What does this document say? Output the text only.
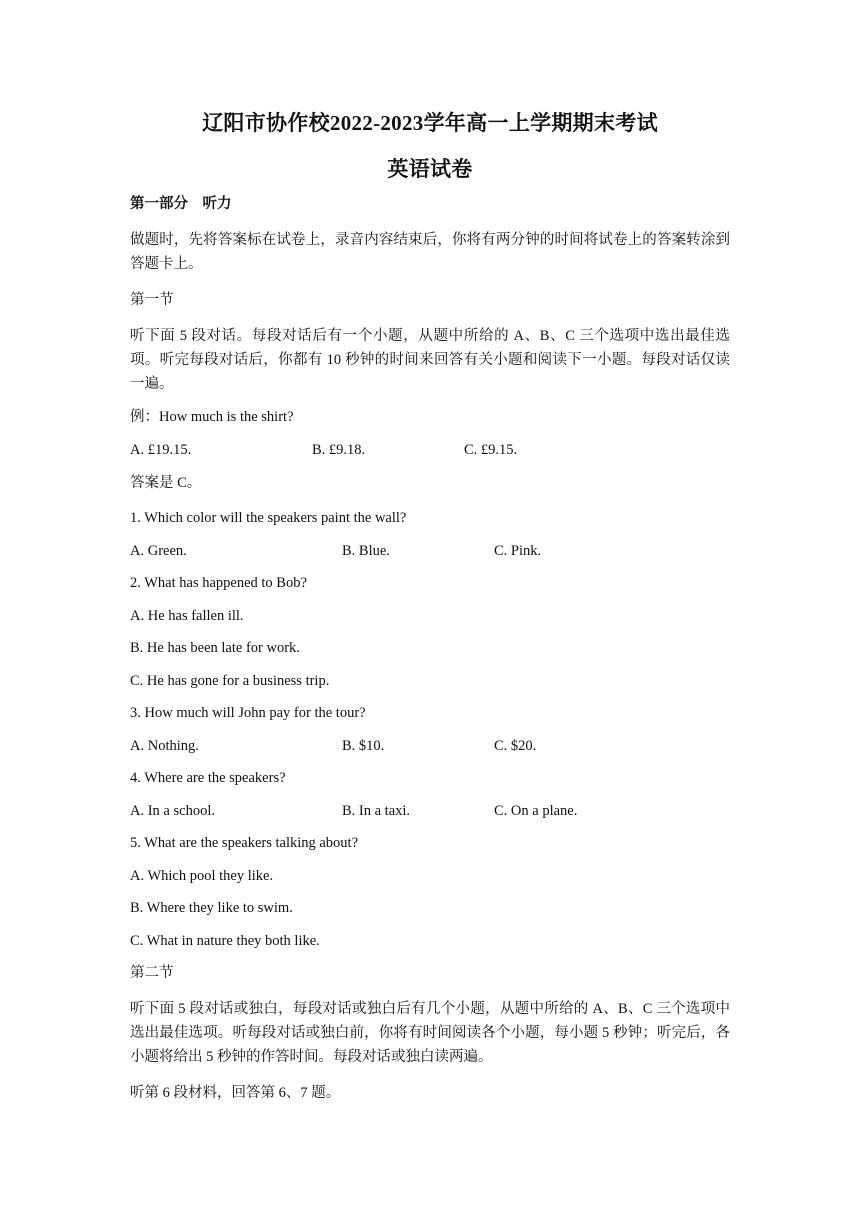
辽阳市协作校2022-2023学年高一上学期期末考试
英语试卷
第一部分　听力
做题时，先将答案标在试卷上，录音内容结束后，你将有两分钟的时间将试卷上的答案转涂到答题卡上。
第一节
听下面 5 段对话。每段对话后有一个小题，从题中所给的 A、B、C 三个选项中选出最佳选项。听完每段对话后，你都有 10 秒钟的时间来回答有关小题和阅读下一小题。每段对话仅读一遍。
例：How much is the shirt?
A. £19.15.	B. £9.18.	C. £9.15.
答案是 C。
1. Which color will the speakers paint the wall?
A. Green.	B. Blue.	C. Pink.
2. What has happened to Bob?
A. He has fallen ill.
B. He has been late for work.
C. He has gone for a business trip.
3. How much will John pay for the tour?
A. Nothing.	B. $10.	C. $20.
4. Where are the speakers?
A. In a school.	B. In a taxi.	C. On a plane.
5. What are the speakers talking about?
A. Which pool they like.
B. Where they like to swim.
C. What in nature they both like.
第二节
听下面 5 段对话或独白，每段对话或独白后有几个小题，从题中所给的 A、B、C 三个选项中选出最佳选项。听每段对话或独白前，你将有时间阅读各个小题，每小题 5 秒钟；听完后，各小题将给出 5 秒钟的作答时间。每段对话或独白读两遍。
听第 6 段材料，回答第 6、7 题。
